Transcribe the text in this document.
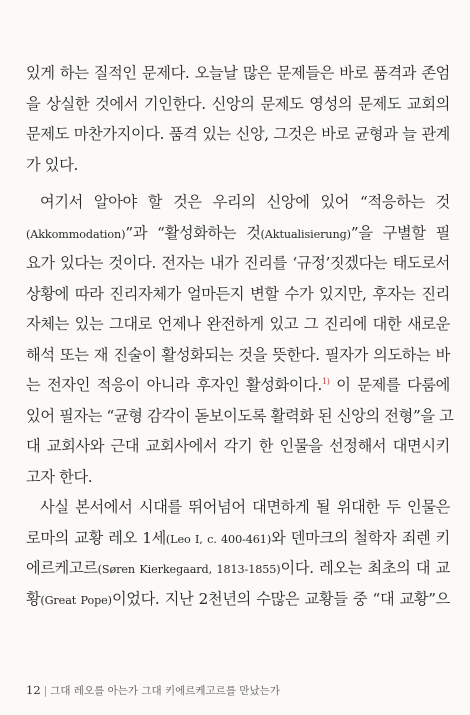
있게 하는 질적인 문제다. 오늘날 많은 문제들은 바로 품격과 존엄
을 상실한 것에서 기인한다. 신앙의 문제도 영성의 문제도 교회의
문제도 마찬가지이다. 품격 있는 신앙, 그것은 바로 균형과 늘 관계
가 있다.
여기서 알아야 할 것은 우리의 신앙에 있어 “적응하는 것
(Akkommodation)”과 “활성화하는 것(Aktualisierung)”을 구별할 필
요가 있다는 것이다. 전자는 내가 진리를 ‘규정’짓겠다는 태도로서
상황에 따라 진리자체가 얼마든지 변할 수가 있지만, 후자는 진리
자체는 있는 그대로 언제나 완전하게 있고 그 진리에 대한 새로운
해석 또는 재 진술이 활성화되는 것을 뜻한다. 필자가 의도하는 바
는 전자인 적응이 아니라 후자인 활성화이다.$^{1)}$ 이 문제를 다룸에
있어 필자는 “균형 감각이 돋보이도록 활력화 된 신앙의 전형”을 고
대 교회사와 근대 교회사에서 각기 한 인물을 선정해서 대면시키
고자 한다.
사실 본서에서 시대를 뛰어넘어 대면하게 될 위대한 두 인물은
로마의 교황 레오 1세(Leo I, c. 400-461)와 덴마크의 철학자 죄렌 키
에르케고르(Søren Kierkegaard, 1813-1855)이다. 레오는 최초의 대 교
황(Great Pope)이었다. 지난 2천년의 수많은 교황들 중 “대 교황”으
12 | 그대 레오를 아는가 그대 키에르케고르를 만났는가
